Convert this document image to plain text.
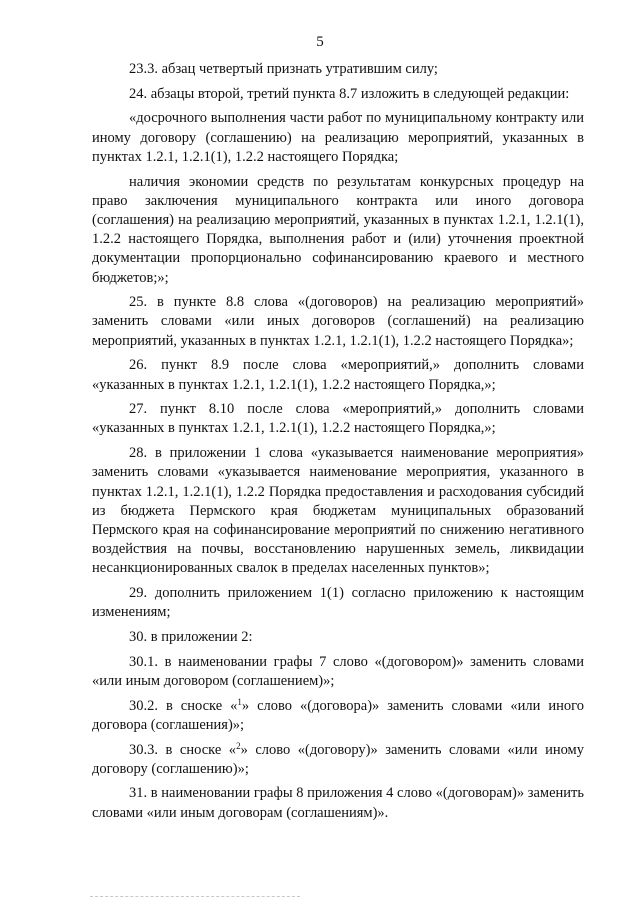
5

23.3. абзац четвертый признать утратившим силу;

24. абзацы второй, третий пункта 8.7 изложить в следующей редакции:

«досрочного выполнения части работ по муниципальному контракту или иному договору (соглашению) на реализацию мероприятий, указанных в пунктах 1.2.1, 1.2.1(1), 1.2.2 настоящего Порядка;

наличия экономии средств по результатам конкурсных процедур на право заключения муниципального контракта или иного договора (соглашения) на реализацию мероприятий, указанных в пунктах 1.2.1, 1.2.1(1), 1.2.2 настоящего Порядка, выполнения работ и (или) уточнения проектной документации пропорционально софинансированию краевого и местного бюджетов;»;

25. в пункте 8.8 слова «(договоров) на реализацию мероприятий» заменить словами «или иных договоров (соглашений) на реализацию мероприятий, указанных в пунктах 1.2.1, 1.2.1(1), 1.2.2 настоящего Порядка»;

26. пункт 8.9 после слова «мероприятий,» дополнить словами «указанных в пунктах 1.2.1, 1.2.1(1), 1.2.2 настоящего Порядка,»;

27. пункт 8.10 после слова «мероприятий,» дополнить словами «указанных в пунктах 1.2.1, 1.2.1(1), 1.2.2 настоящего Порядка,»;

28. в приложении 1 слова «указывается наименование мероприятия» заменить словами «указывается наименование мероприятия, указанного в пунктах 1.2.1, 1.2.1(1), 1.2.2 Порядка предоставления и расходования субсидий из бюджета Пермского края бюджетам муниципальных образований Пермского края на софинансирование мероприятий по снижению негативного воздействия на почвы, восстановлению нарушенных земель, ликвидации несанкционированных свалок в пределах населенных пунктов»;

29. дополнить приложением 1(1) согласно приложению к настоящим изменениям;

30. в приложении 2:

30.1. в наименовании графы 7 слово «(договором)» заменить словами «или иным договором (соглашением)»;

30.2. в сноске «$^1$» слово «(договора)» заменить словами «или иного договора (соглашения)»;

30.3. в сноске «$^2$» слово «(договору)» заменить словами «или иному договору (соглашению)»;

31. в наименовании графы 8 приложения 4 слово «(договорам)» заменить словами «или иным договорам (соглашениям)».
